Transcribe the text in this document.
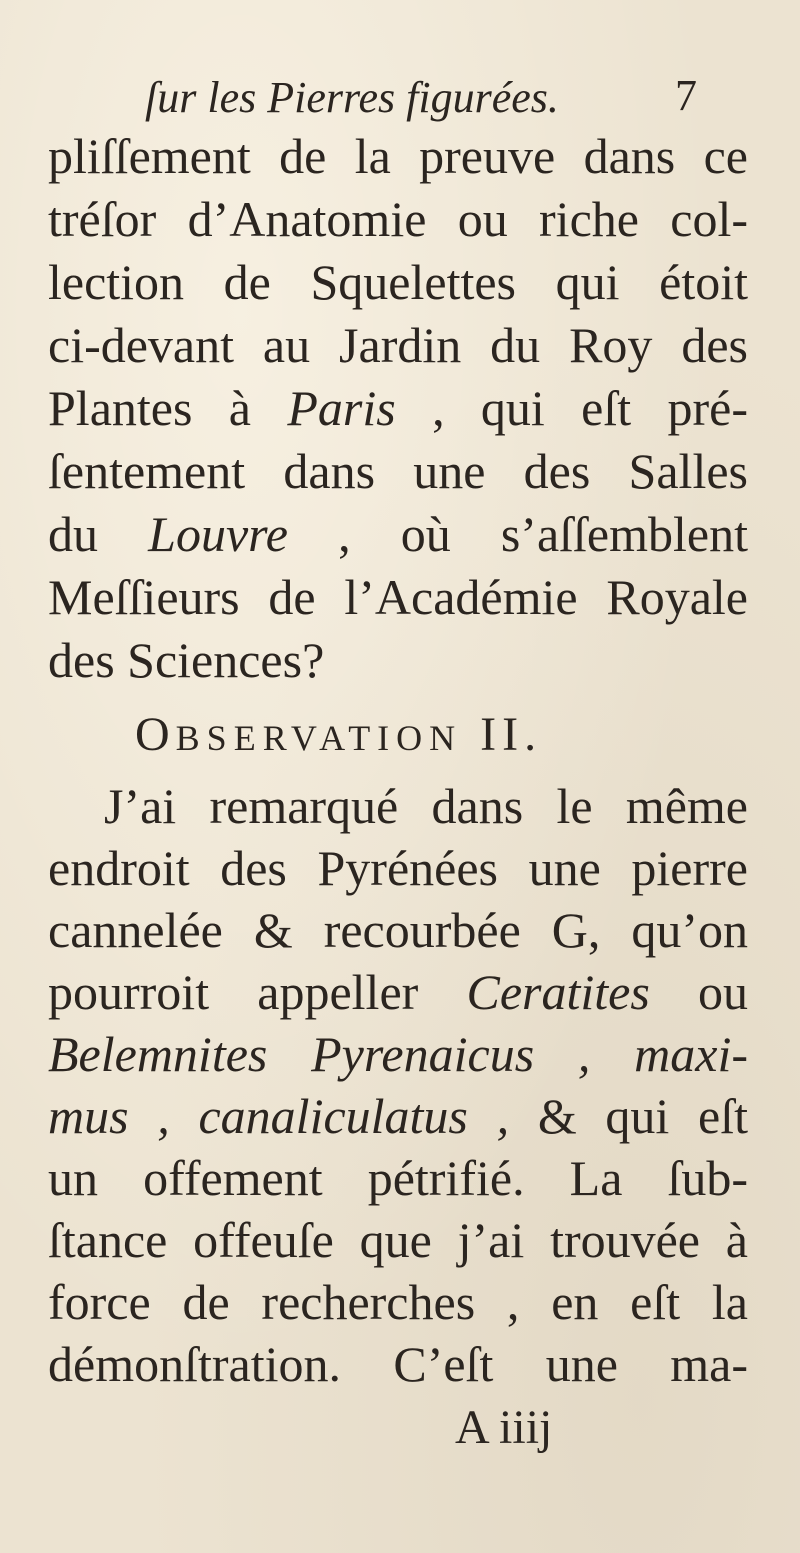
ſur les Pierres figurées.	7
pliſſement de la preuve dans ce
tréſor d’Anatomie ou riche col-
lection de Squelettes qui étoit
ci-devant au Jardin du Roy des
Plantes à Paris , qui eſt pré-
ſentement dans une des Salles
du Louvre , où s’aſſemblent
Meſſieurs de l’Académie Royale
des Sciences?
OBSERVATION II.
J’ai remarqué dans le même
endroit des Pyrénées une pierre
cannelée & recourbée G, qu’on
pourroit appeller Ceratites ou
Belemnites Pyrenaicus , maxi-
mus , canaliculatus , & qui eſt
un offement pétrifié. La ſub-
ſtance offeuſe que j’ai trouvée à
force de recherches , en eſt la
démonſtration. C’eſt une ma-
A iiij
